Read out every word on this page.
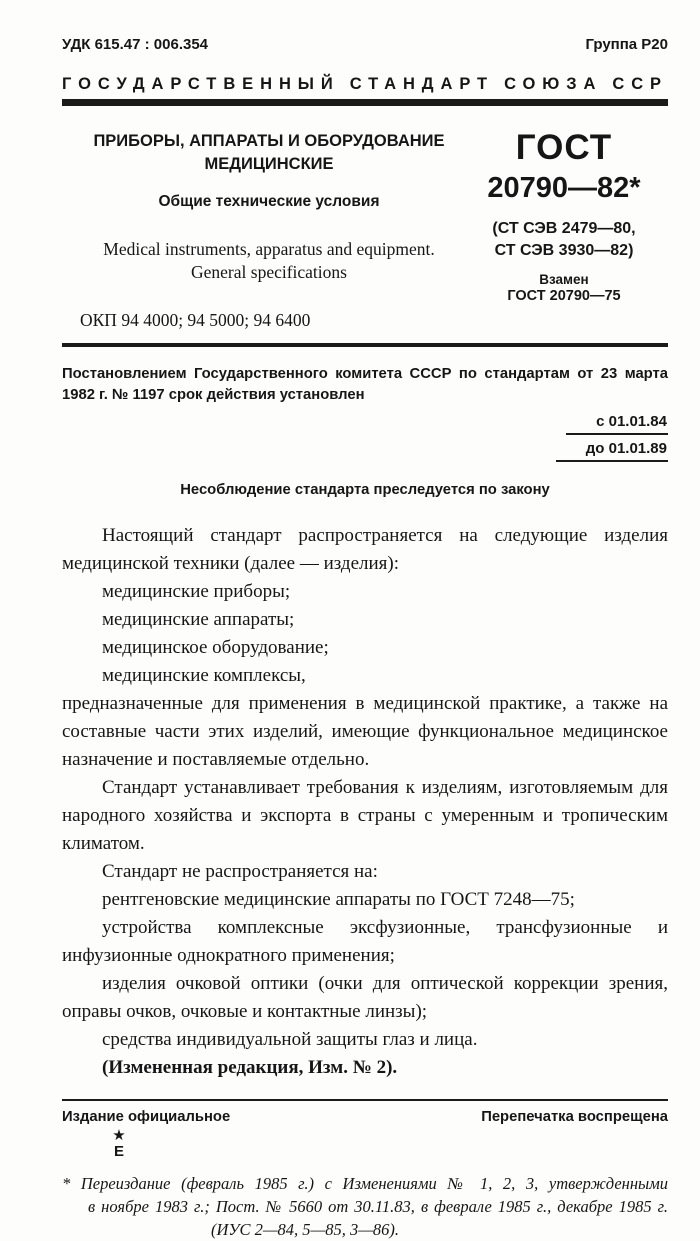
УДК 615.47 : 006.354	Группа Р20
ГОСУДАРСТВЕННЫЙ СТАНДАРТ СОЮЗА ССР
ПРИБОРЫ, АППАРАТЫ И ОБОРУДОВАНИЕ
МЕДИЦИНСКИЕ
Общие технические условия
Medical instruments, apparatus and equipment.
General specifications
ОКП 94 4000; 94 5000; 94 6400
ГОСТ
20790—82*
(СТ СЭВ 2479—80,
СТ СЭВ 3930—82)
Взамен
ГОСТ 20790—75
Постановлением Государственного комитета СССР по стандартам от 23 марта 1982 г. № 1197 срок действия установлен
с 01.01.84
до 01.01.89
Несоблюдение стандарта преследуется по закону

Настоящий стандарт распространяется на следующие изделия медицинской техники (далее — изделия):

медицинские приборы;

медицинские аппараты;

медицинское оборудование;

медицинские комплексы,

предназначенные для применения в медицинской практике, а также на составные части этих изделий, имеющие функциональное медицинское назначение и поставляемые отдельно.

Стандарт устанавливает требования к изделиям, изготовляемым для народного хозяйства и экспорта в страны с умеренным и тропическим климатом.

Стандарт не распространяется на:

рентгеновские медицинские аппараты по ГОСТ 7248—75;

устройства комплексные эксфузионные, трансфузионные и инфузионные однократного применения;

изделия очковой оптики (очки для оптической коррекции зрения, оправы очков, очковые и контактные линзы);

средства индивидуальной защиты глаз и лица.

(Измененная редакция, Изм. № 2).

Издание официальное	Перепечатка воспрещена
★
Е
* Переиздание (февраль 1985 г.) с Изменениями № 1, 2, 3, утвержденными
в ноябре 1983 г.; Пост. № 5660 от 30.11.83, в феврале 1985 г., декабре 1985 г.
(ИУС 2—84, 5—85, 3—86).
